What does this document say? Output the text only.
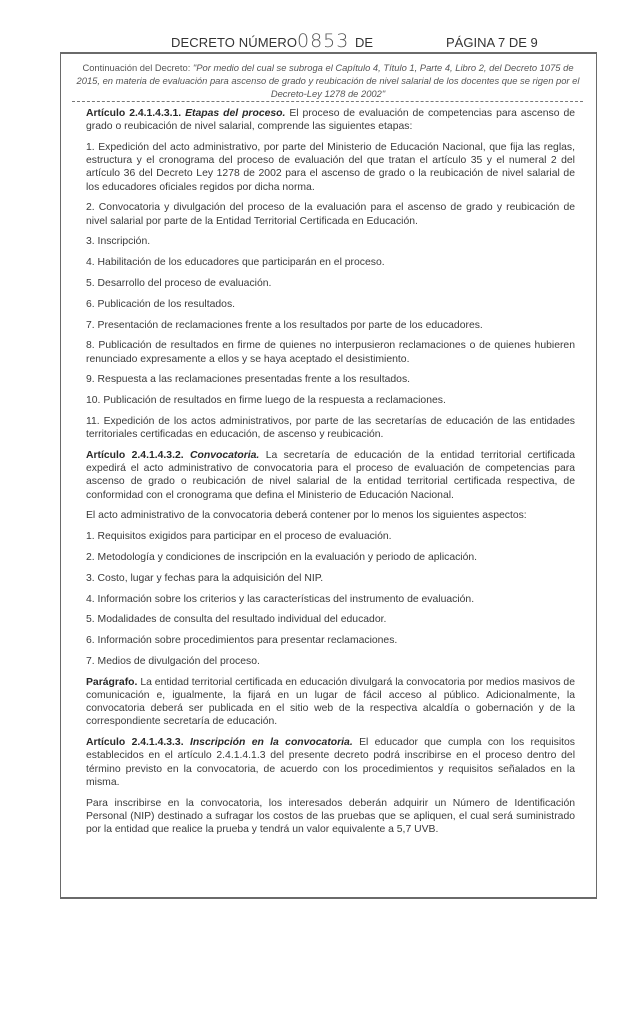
DECRETO NÚMERO 0853 DE	PÁGINA 7 DE 9
Continuación del Decreto: "Por medio del cual se subroga el Capítulo 4, Título 1, Parte 4, Libro 2, del Decreto 1075 de 2015, en materia de evaluación para ascenso de grado y reubicación de nivel salarial de los docentes que se rigen por el Decreto-Ley 1278 de 2002"

Artículo 2.4.1.4.3.1. Etapas del proceso. El proceso de evaluación de competencias para ascenso de grado o reubicación de nivel salarial, comprende las siguientes etapas:

1. Expedición del acto administrativo, por parte del Ministerio de Educación Nacional, que fija las reglas, estructura y el cronograma del proceso de evaluación del que tratan el artículo 35 y el numeral 2 del artículo 36 del Decreto Ley 1278 de 2002 para el ascenso de grado o la reubicación de nivel salarial de los educadores oficiales regidos por dicha norma.

2. Convocatoria y divulgación del proceso de la evaluación para el ascenso de grado y reubicación de nivel salarial por parte de la Entidad Territorial Certificada en Educación.

3. Inscripción.

4. Habilitación de los educadores que participarán en el proceso.

5. Desarrollo del proceso de evaluación.

6. Publicación de los resultados.

7. Presentación de reclamaciones frente a los resultados por parte de los educadores.

8. Publicación de resultados en firme de quienes no interpusieron reclamaciones o de quienes hubieren renunciado expresamente a ellos y se haya aceptado el desistimiento.

9. Respuesta a las reclamaciones presentadas frente a los resultados.

10. Publicación de resultados en firme luego de la respuesta a reclamaciones.

11. Expedición de los actos administrativos, por parte de las secretarías de educación de las entidades territoriales certificadas en educación, de ascenso y reubicación.

Artículo 2.4.1.4.3.2. Convocatoria. La secretaría de educación de la entidad territorial certificada expedirá el acto administrativo de convocatoria para el proceso de evaluación de competencias para ascenso de grado o reubicación de nivel salarial de la entidad territorial certificada respectiva, de conformidad con el cronograma que defina el Ministerio de Educación Nacional.

El acto administrativo de la convocatoria deberá contener por lo menos los siguientes aspectos:

1. Requisitos exigidos para participar en el proceso de evaluación.

2. Metodología y condiciones de inscripción en la evaluación y periodo de aplicación.

3. Costo, lugar y fechas para la adquisición del NIP.

4. Información sobre los criterios y las características del instrumento de evaluación.

5. Modalidades de consulta del resultado individual del educador.

6. Información sobre procedimientos para presentar reclamaciones.

7. Medios de divulgación del proceso.

Parágrafo. La entidad territorial certificada en educación divulgará la convocatoria por medios masivos de comunicación e, igualmente, la fijará en un lugar de fácil acceso al público. Adicionalmente, la convocatoria deberá ser publicada en el sitio web de la respectiva alcaldía o gobernación y de la correspondiente secretaría de educación.

Artículo 2.4.1.4.3.3. Inscripción en la convocatoria. El educador que cumpla con los requisitos establecidos en el artículo 2.4.1.4.1.3 del presente decreto podrá inscribirse en el proceso dentro del término previsto en la convocatoria, de acuerdo con los procedimientos y requisitos señalados en la misma.

Para inscribirse en la convocatoria, los interesados deberán adquirir un Número de Identificación Personal (NIP) destinado a sufragar los costos de las pruebas que se apliquen, el cual será suministrado por la entidad que realice la prueba y tendrá un valor equivalente a 5,7 UVB.
